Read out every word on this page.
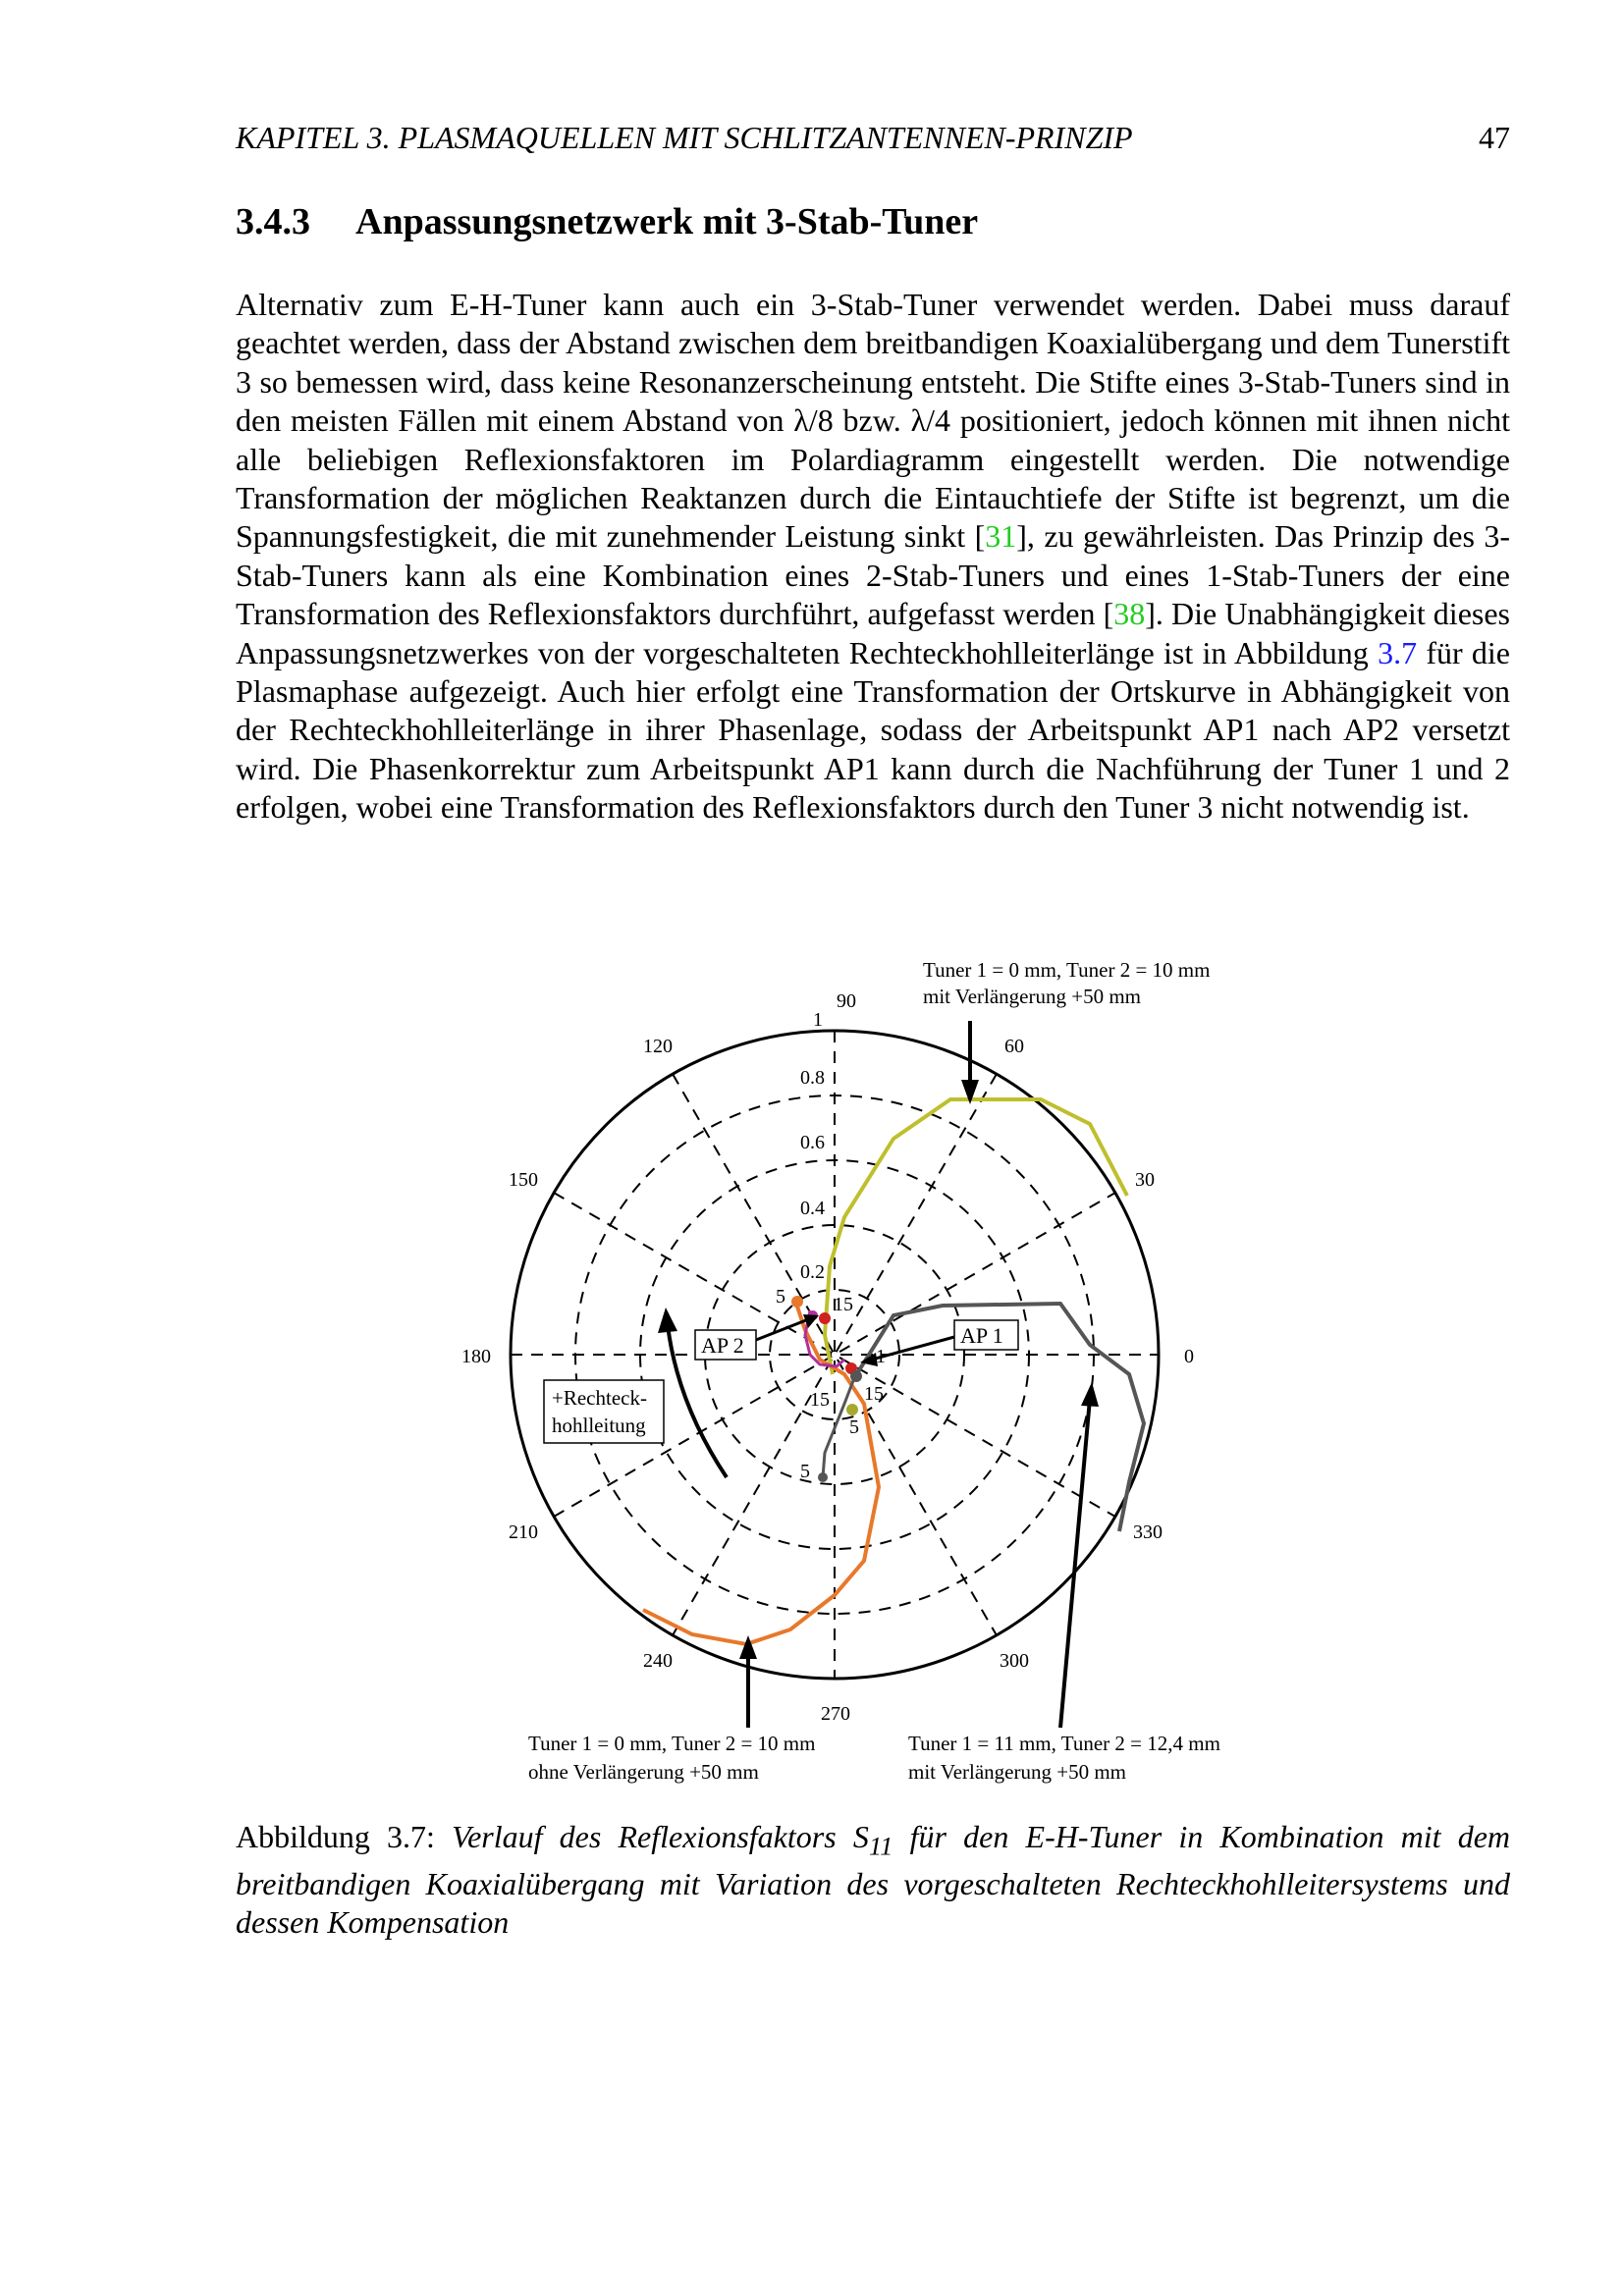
KAPITEL 3. PLASMAQUELLEN MIT SCHLITZANTENNEN-PRINZIP	47
3.4.3 Anpassungsnetzwerk mit 3-Stab-Tuner
Alternativ zum E-H-Tuner kann auch ein 3-Stab-Tuner verwendet werden. Dabei muss darauf geachtet werden, dass der Abstand zwischen dem breitbandigen Koaxialübergang und dem Tunerstift 3 so bemessen wird, dass keine Resonanzerscheinung entsteht. Die Stifte eines 3-Stab-Tuners sind in den meisten Fällen mit einem Abstand von λ/8 bzw. λ/4 positioniert, jedoch können mit ihnen nicht alle beliebigen Reflexionsfaktoren im Polardiagramm eingestellt werden. Die notwendige Transformation der möglichen Reaktanzen durch die Eintauchtiefe der Stifte ist begrenzt, um die Spannungsfestigkeit, die mit zunehmender Leistung sinkt [31], zu gewährleisten. Das Prinzip des 3-Stab-Tuners kann als eine Kombination eines 2-Stab-Tuners und eines 1-Stab-Tuners der eine Transformation des Reflexionsfaktors durchführt, aufgefasst werden [38]. Die Unabhängigkeit dieses Anpassungsnetzwerkes von der vorgeschalteten Rechteckhohlleiterlänge ist in Abbildung 3.7 für die Plasmaphase aufgezeigt. Auch hier erfolgt eine Transformation der Ortskurve in Abhängigkeit von der Rechteckhohlleiterlänge in ihrer Phasenlage, sodass der Arbeitspunkt AP1 nach AP2 versetzt wird. Die Phasenkorrektur zum Arbeitspunkt AP1 kann durch die Nachführung der Tuner 1 und 2 erfolgen, wobei eine Transformation des Reflexionsfaktors durch den Tuner 3 nicht notwendig ist.
90
60
30
0
330
300
270
240
210
180
150
120
0.2
0.4
0.6
0.8
1
5 15
15
15
5
5
AP 2	AP 1
+Rechteck-
hohlleitung
Tuner 1 = 0 mm, Tuner 2 = 10 mm
mit Verlängerung +50 mm
Tuner 1 = 0 mm, Tuner 2 = 10 mm
ohne Verlängerung +50 mm
Tuner 1 = 11 mm, Tuner 2 = 12,4 mm
mit Verlängerung +50 mm
Abbildung 3.7: Verlauf des Reflexionsfaktors $S_{11}$ für den E-H-Tuner in Kombination mit dem breitbandigen Koaxialübergang mit Variation des vorgeschalteten Rechteckhohlleitersystems und dessen Kompensation
